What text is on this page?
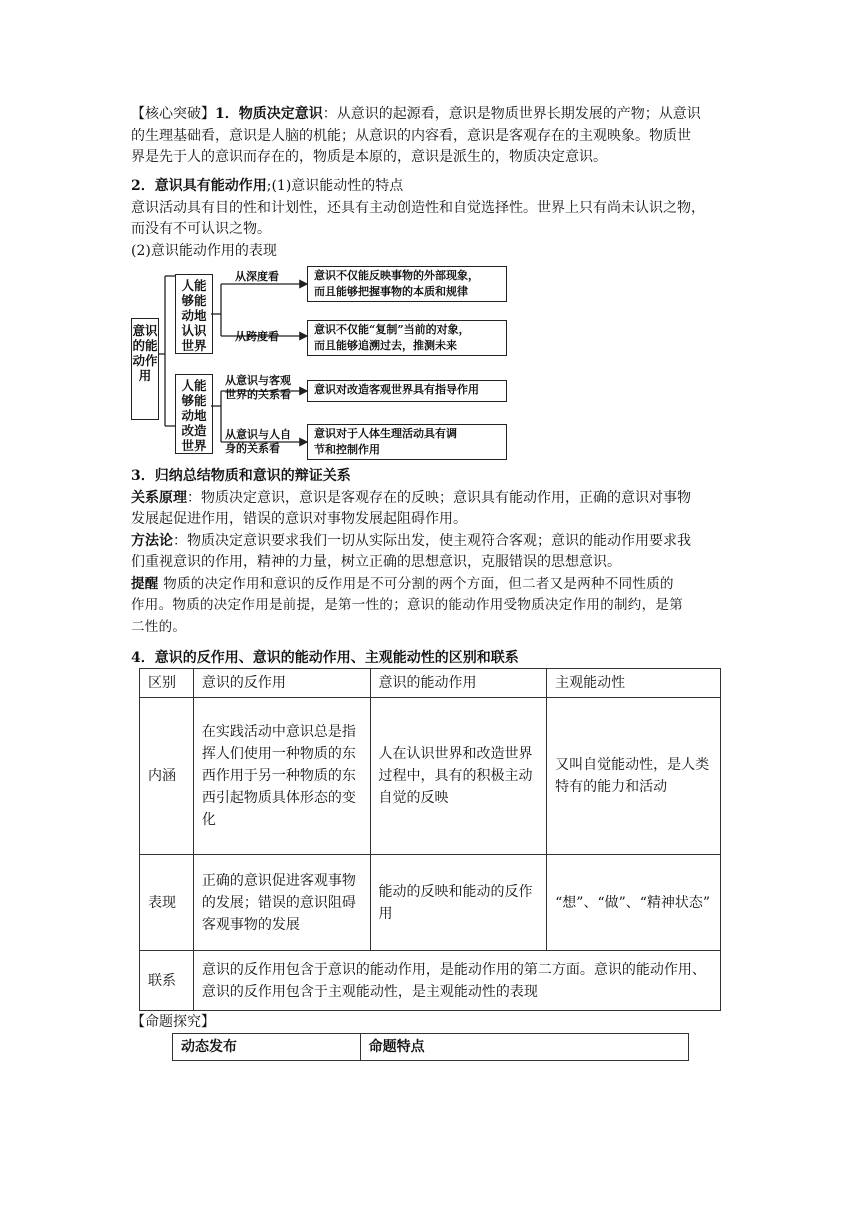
【核心突破】1．物质决定意识：从意识的起源看，意识是物质世界长期发展的产物；从意识
的生理基础看，意识是人脑的机能；从意识的内容看，意识是客观存在的主观映象。物质世
界是先于人的意识而存在的，物质是本原的，意识是派生的，物质决定意识。
2．意识具有能动作用;(1)意识能动性的特点
意识活动具有目的性和计划性，还具有主动创造性和自觉选择性。世界上只有尚未认识之物，
而没有不可认识之物。
(2)意识能动作用的表现
意识的能动作用
人能够能动地认识世界
人能够能动地改造世界
从深度看
从跨度看
从意识与客观
世界的关系看
从意识与人自
身的关系看
意识不仅能反映事物的外部现象，
而且能够把握事物的本质和规律
意识不仅能“复制”当前的对象，
而且能够追溯过去，推测未来
意识对改造客观世界具有指导作用
意识对于人体生理活动具有调
节和控制作用
3．归纳总结物质和意识的辩证关系
关系原理：物质决定意识，意识是客观存在的反映；意识具有能动作用，正确的意识对事物
发展起促进作用，错误的意识对事物发展起阻碍作用。
方法论：物质决定意识要求我们一切从实际出发，使主观符合客观；意识的能动作用要求我
们重视意识的作用，精神的力量，树立正确的思想意识，克服错误的思想意识。
提醒 物质的决定作用和意识的反作用是不可分割的两个方面，但二者又是两种不同性质的
作用。物质的决定作用是前提，是第一性的；意识的能动作用受物质决定作用的制约，是第
二性的。
4．意识的反作用、意识的能动作用、主观能动性的区别和联系
区别	意识的反作用	意识的能动作用	主观能动性
内涵	在实践活动中意识总是指挥人们使用一种物质的东西作用于另一种物质的东西引起物质具体形态的变化	人在认识世界和改造世界过程中，具有的积极主动自觉的反映	又叫自觉能动性，是人类特有的能力和活动
表现	正确的意识促进客观事物的发展；错误的意识阻碍客观事物的发展	能动的反映和能动的反作用	“想”、“做”、“精神状态”
联系	意识的反作用包含于意识的能动作用，是能动作用的第二方面。意识的能动作用、意识的反作用包含于主观能动性，是主观能动性的表现		
【命题探究】
动态发布	命题特点
